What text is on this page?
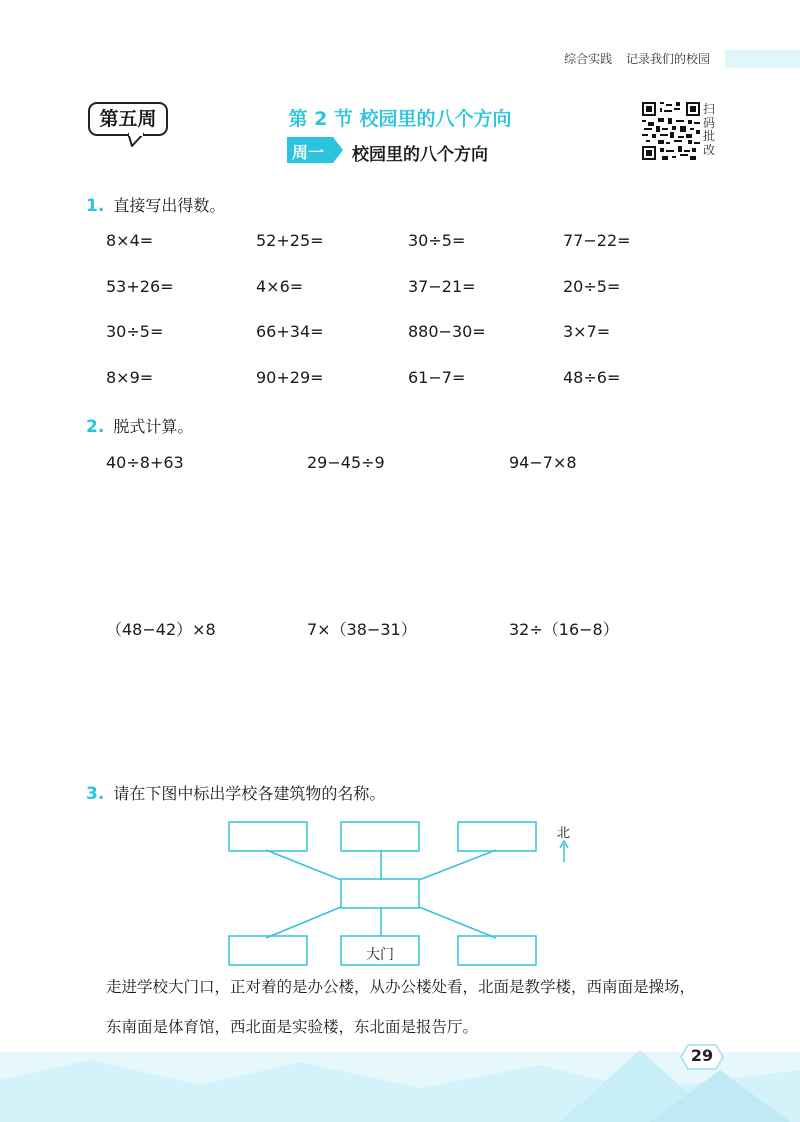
综合实践 记录我们的校园
第五周	第 2 节 校园里的八个方向
周一 校园里的八个方向
扫
码
批
改
1. 直接写出得数。
8×4=	52+25=	30÷5=	77−22=
53+26=	4×6=	37−21=	20÷5=
30÷5=	66+34=	880−30=	3×7=
8×9=	90+29=	61−7=	48÷6=
2. 脱式计算。
40÷8+63	29−45÷9	94−7×8
（48−42）×8	7×（38−31）	32÷（16−8）
3. 请在下图中标出学校各建筑物的名称。
大门
北
走进学校大门口，正对着的是办公楼，从办公楼处看，北面是教学楼，西南面是操场，
东南面是体育馆，西北面是实验楼，东北面是报告厅。
29
